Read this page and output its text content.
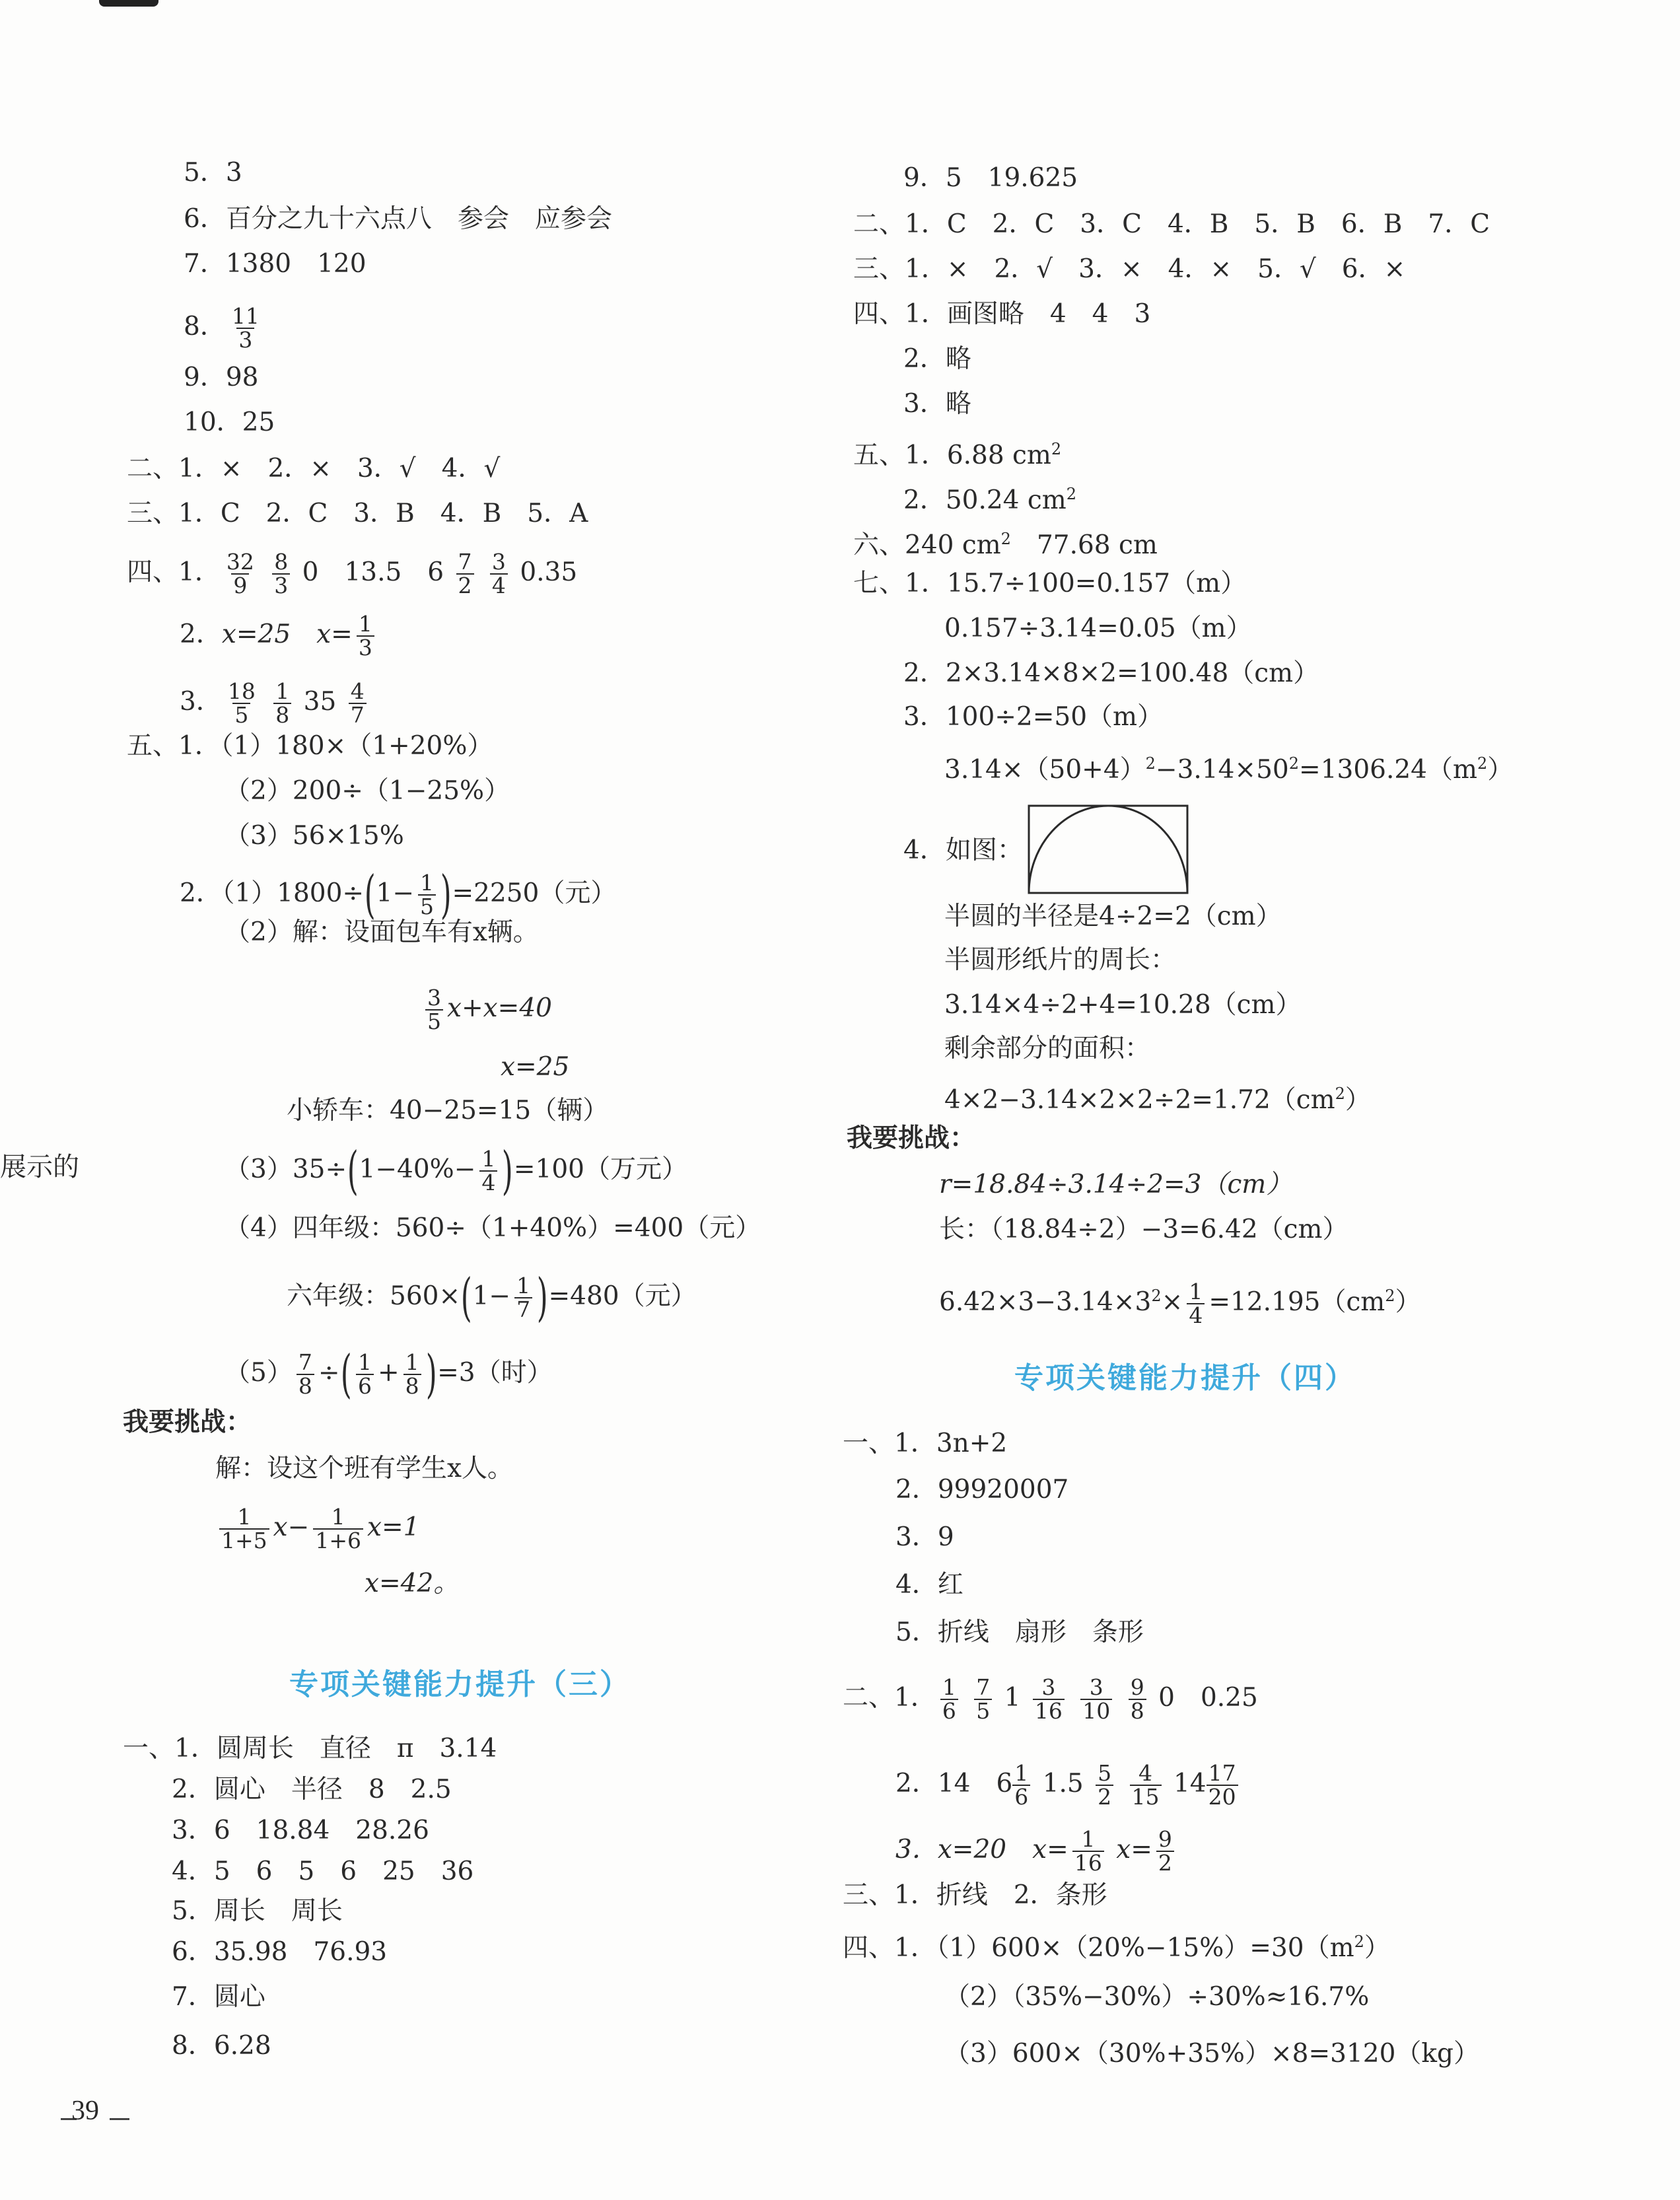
展示的
5．3
6．百分之九十六点八　参会　应参会
7．1380　120
8． $\frac{11}{3}$
9．98
10．25
二、1．×　2．×　3．√　4．√
三、1．C　2．C　3．B　4．B　5．A
四、1． $\frac{32}{9}$
$\frac{8}{3} 0$　13.5　$6 \frac{7}{2}$
$\frac{3}{4} 0.35$
2．x=25　 $x= \frac{1}{3}$
3． $\frac{18}{5}$
$\frac{1}{8} 35 \frac{4}{7}$
五、1．（1）180×（1+20%）
（2）200÷（1−25%）
（3）56×15%
2．$(1)1800\div(1- \frac{1}{5} )=2250$（元）
（2）解：设面包车有x辆。
$\frac{3}{5} x+x=40$
x=25
小轿车：40−25=15（辆）
$(3)35\div(1-40\%- \frac{1}{4} )=100$（万元）
（4）四年级：560÷（1+40%）=400（元）
六年级：$560\times(1- \frac{1}{7} )=480$（元）
$(5) \frac{7}{8}$ ÷( $\frac{1}{6} + \frac{1}{8} )=3$（时）
我要挑战：
解：设这个班有学生x人。
$\frac{1}{1+5} x- \frac{1}{1+6} x=1$
x=42。
专项关键能力提升（三）
一、1．圆周长　直径　π　3.14
2．圆心　半径　8　2.5
3．6　18.84　28.26
4．5　6　5　6　25　36
5．周长　周长
6．35.98　76.93
7．圆心
8．6.28
39
9．5　19.625
二、1．C　2．C　3．C　4．B　5．B　6．B　7．C
三、1．×　2．√　3．×　4．×　5．√　6．×
四、1．画图略　4　4　3
2．略
3．略
五、1．6.88 $cm^2$
2．50.24 $cm^2$
六、240 $cm^2$　77.68 cm
七、1．15.7÷100=0.157（m）
0.157÷3.14=0.05（m）
2．2×3.14×8×2=100.48（cm）
3．100÷2=50（m）
$3.14\times(50+4)^2-3.14\times 50^2=1306.24(m^2)$
4．如图：
半圆的半径是4÷2=2（cm）
半圆形纸片的周长：
3.14×4÷2+4=10.28（cm）
剩余部分的面积：
$4\times 2-3.14\times 2\times 2\div 2=1.72(cm^2)$
我要挑战：
r=18.84÷3.14÷2=3（cm）
长：（18.84÷2）−3=6.42（cm）
$6.42\times 3-3.14\times 3^2\times \frac{1}{4} =12.195(cm^2)$
专项关键能力提升（四）
一、1．3n+2
2．99920007
3．9
4．红
5．折线　扇形　条形
二、1． $\frac{1}{6}$
$\frac{7}{5} 1 \frac{3}{16}$
$\frac{3}{10}$
$\frac{9}{8} 0$　 0.25
2．14　 $6 \frac{1}{6} 1.5 \frac{5}{2}$
$\frac{4}{15} 14 \frac{17}{20}$
3．x=20　 $x= \frac{1}{16} x= \frac{9}{2}$
三、1．折线　2．条形
四、1．$(1)600\times(20\%-15\%)=30(m^2)$
（2）（35%−30%）÷30%≈16.7%
（3）600×（30%+35%）×8=3120（kg）
